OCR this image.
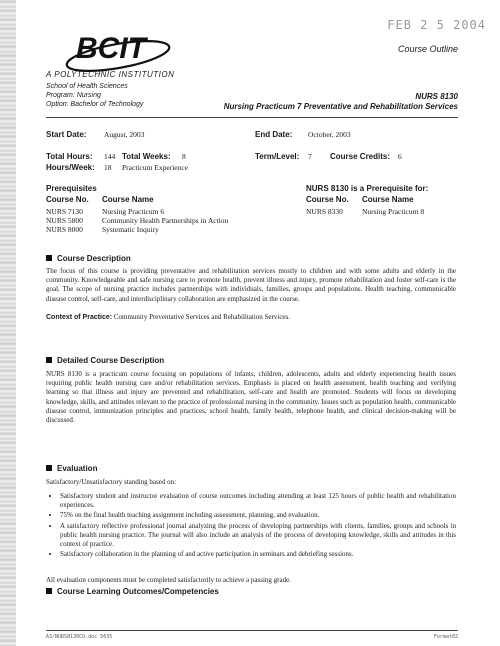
FEB 2 5 2004
BCIT
A POLYTECHNIC INSTITUTION
Course Outline
School of Health Sciences
Program: Nursing
Option: Bachelor of Technology
NURS 8130
Nursing Practicum 7 Preventative and Rehabilitation Services
Start Date: August, 2003	End Date: October, 2003
Total Hours: 144 Total Weeks: 8	Term/Level: 7 Course Credits: 6
Hours/Week: 18 Practicum Experience
Prerequisites
Course No. Course Name
NURS 7130	Nursing Practicum 6
NURS 5800	Community Health Partnerships in Action
NURS 8000	Systematic Inquiry
NURS 8130 is a Prerequisite for:
Course No. Course Name
NURS 8330	Nursing Practicum 8
Course Description
The focus of this course is providing preventative and rehabilitation services mostly to children and with some adults and elderly in the community. Knowledgeable and safe nursing care to promote health, prevent illness and injury, promote rehabilitation and foster self-care is the goal. The scope of nursing practice includes partnerships with individuals, families, groups and populations. Health teaching, communicable disease control, self-care, and interdisciplinary collaboration are emphasized in the course.
Context of Practice: Community Preventative Services and Rehabilitation Services.
Detailed Course Description
NURS 8130 is a practicum course focusing on populations of infants, children, adolescents, adults and elderly experiencing health issues requiring public health nursing care and/or rehabilitation services. Emphasis is placed on health assessment, health teaching and verifying learning so that illness and injury are prevented and rehabilitation, self-care and health are promoted. Students will focus on developing knowledge, skills, and attitudes relevant to the practice of professional nursing in the community. Issues such as population health, communicable disease control, immunization principles and practices, school health, family health, telephone health, and clinical decision-making will be discussed.
Evaluation
Satisfactory/Unsatisfactory standing based on:
• Satisfactory student and instructor evaluation of course outcomes including attending at least 125 hours of public health and rehabilitation experiences.
• 75% on the final health teaching assignment including assessment, planning, and evaluation.
• A satisfactory reflective professional journal analyzing the process of developing partnerships with clients, families, groups and schools in public health nursing practice. The journal will also include an analysis of the process of developing knowledge, skills and attitudes in this context of practice.
• Satisfactory collaboration in the planning of and active participation in seminars and debriefing sessions.
All evaluation components must be completed satisfactorily to achieve a passing grade.
Course Learning Outcomes/Competencies
A3/NURS8130CO.doc 5635	Format02
